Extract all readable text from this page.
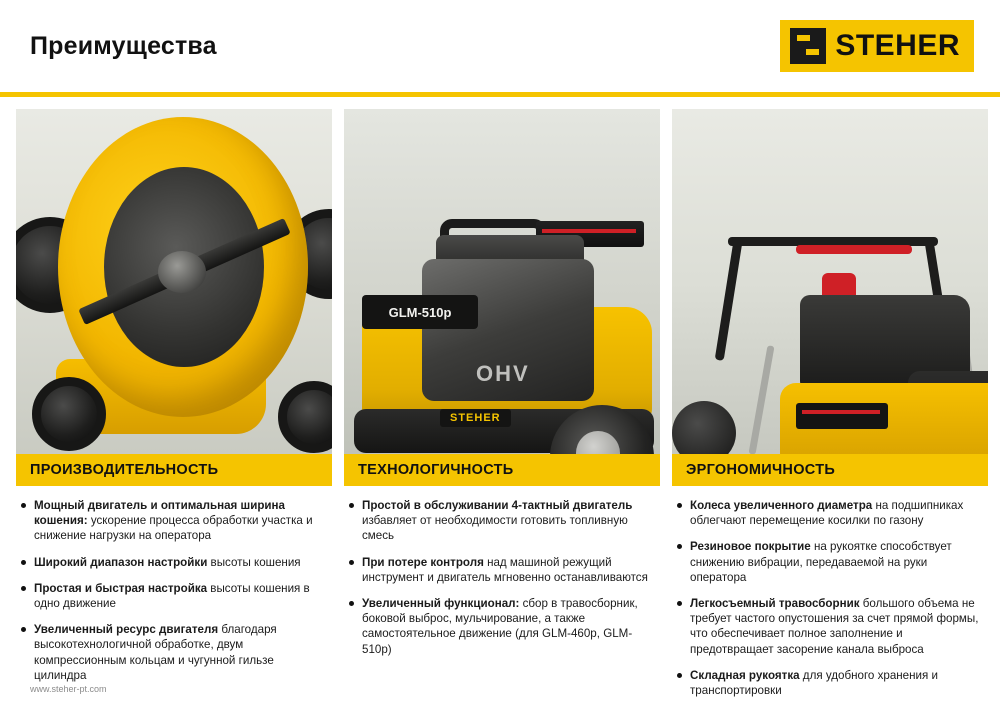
Преимущества	STEHER
ПРОИЗВОДИТЕЛЬНОСТЬ
Мощный двигатель и оптимальная ширина кошения: ускорение процесса обработки участка и снижение нагрузки на оператора
Широкий диапазон настройки высоты кошения
Простая и быстрая настройка высоты кошения в одно движение
Увеличенный ресурс двигателя благодаря высокотехнологичной обработке, двум компрессионным кольцам и чугунной гильзе цилиндра
OHV
GLM-510p
STEHER
ТЕХНОЛОГИЧНОСТЬ
Простой в обслуживании 4-тактный двигатель избавляет от необходимости готовить топливную смесь
При потере контроля над машиной режущий инструмент и двигатель мгновенно останавливаются
Увеличенный функционал: сбор в травосборник, боковой выброс, мульчирование, а также самостоятельное движение (для GLM-460p, GLM-510p)
ЭРГОНОМИЧНОСТЬ
Колеса увеличенного диаметра на подшипниках облегчают перемещение косилки по газону
Резиновое покрытие на рукоятке способствует снижению вибрации, передаваемой на руки оператора
Легкосъемный травосборник большого объема не требует частого опустошения за счет прямой формы, что обеспечивает полное заполнение и предотвращает засорение канала выброса
Складная рукоятка для удобного хранения и транспортировки
www.steher-pt.com
